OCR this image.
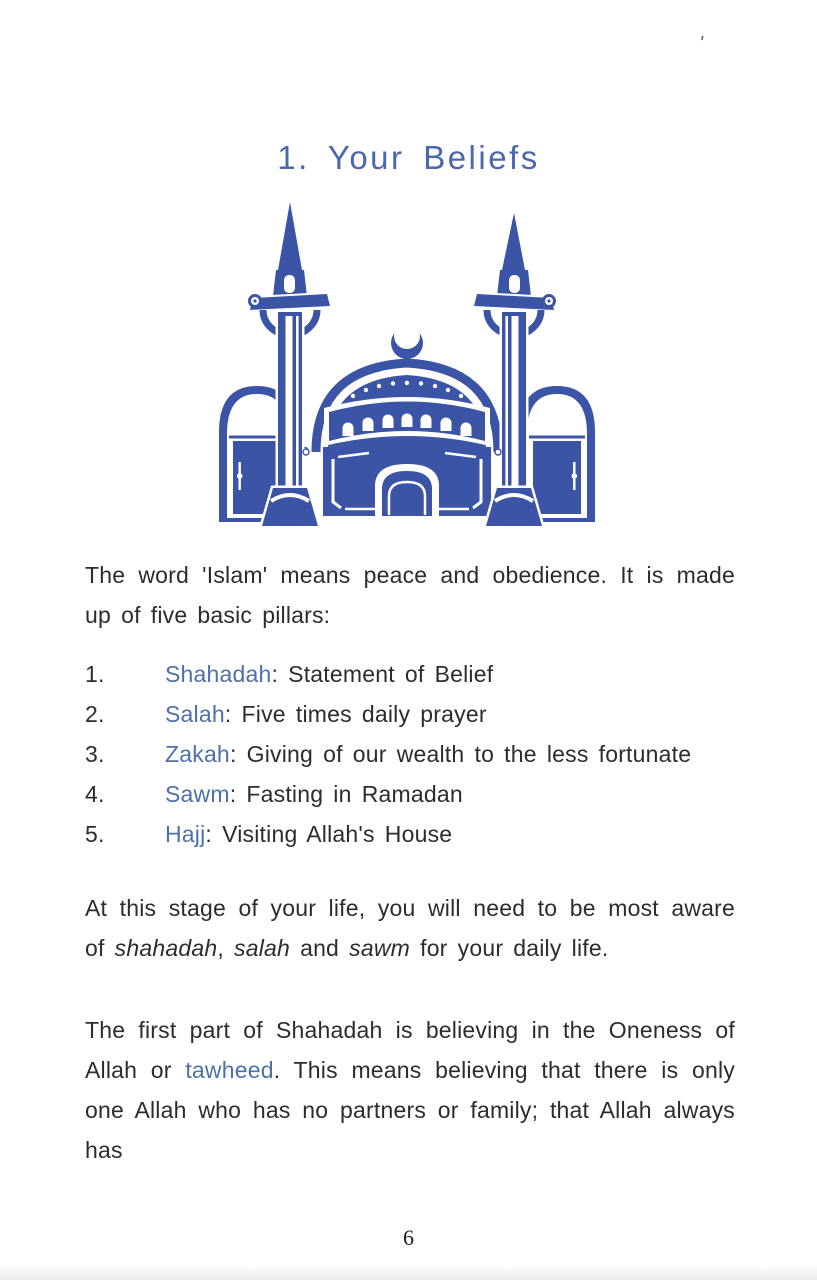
'
1. Your Beliefs

The word 'Islam' means peace and obedience. It is made up of five basic pillars:

1.	Shahadah: Statement of Belief
2.	Salah: Five times daily prayer
3.	Zakah: Giving of our wealth to the less fortunate
4.	Sawm: Fasting in Ramadan
5.	Hajj: Visiting Allah's House

At this stage of your life, you will need to be most aware of shahadah, salah and sawm for your daily life.

The first part of Shahadah is believing in the Oneness of Allah or tawheed. This means believing that there is only one Allah who has no partners or family; that Allah always has

6
